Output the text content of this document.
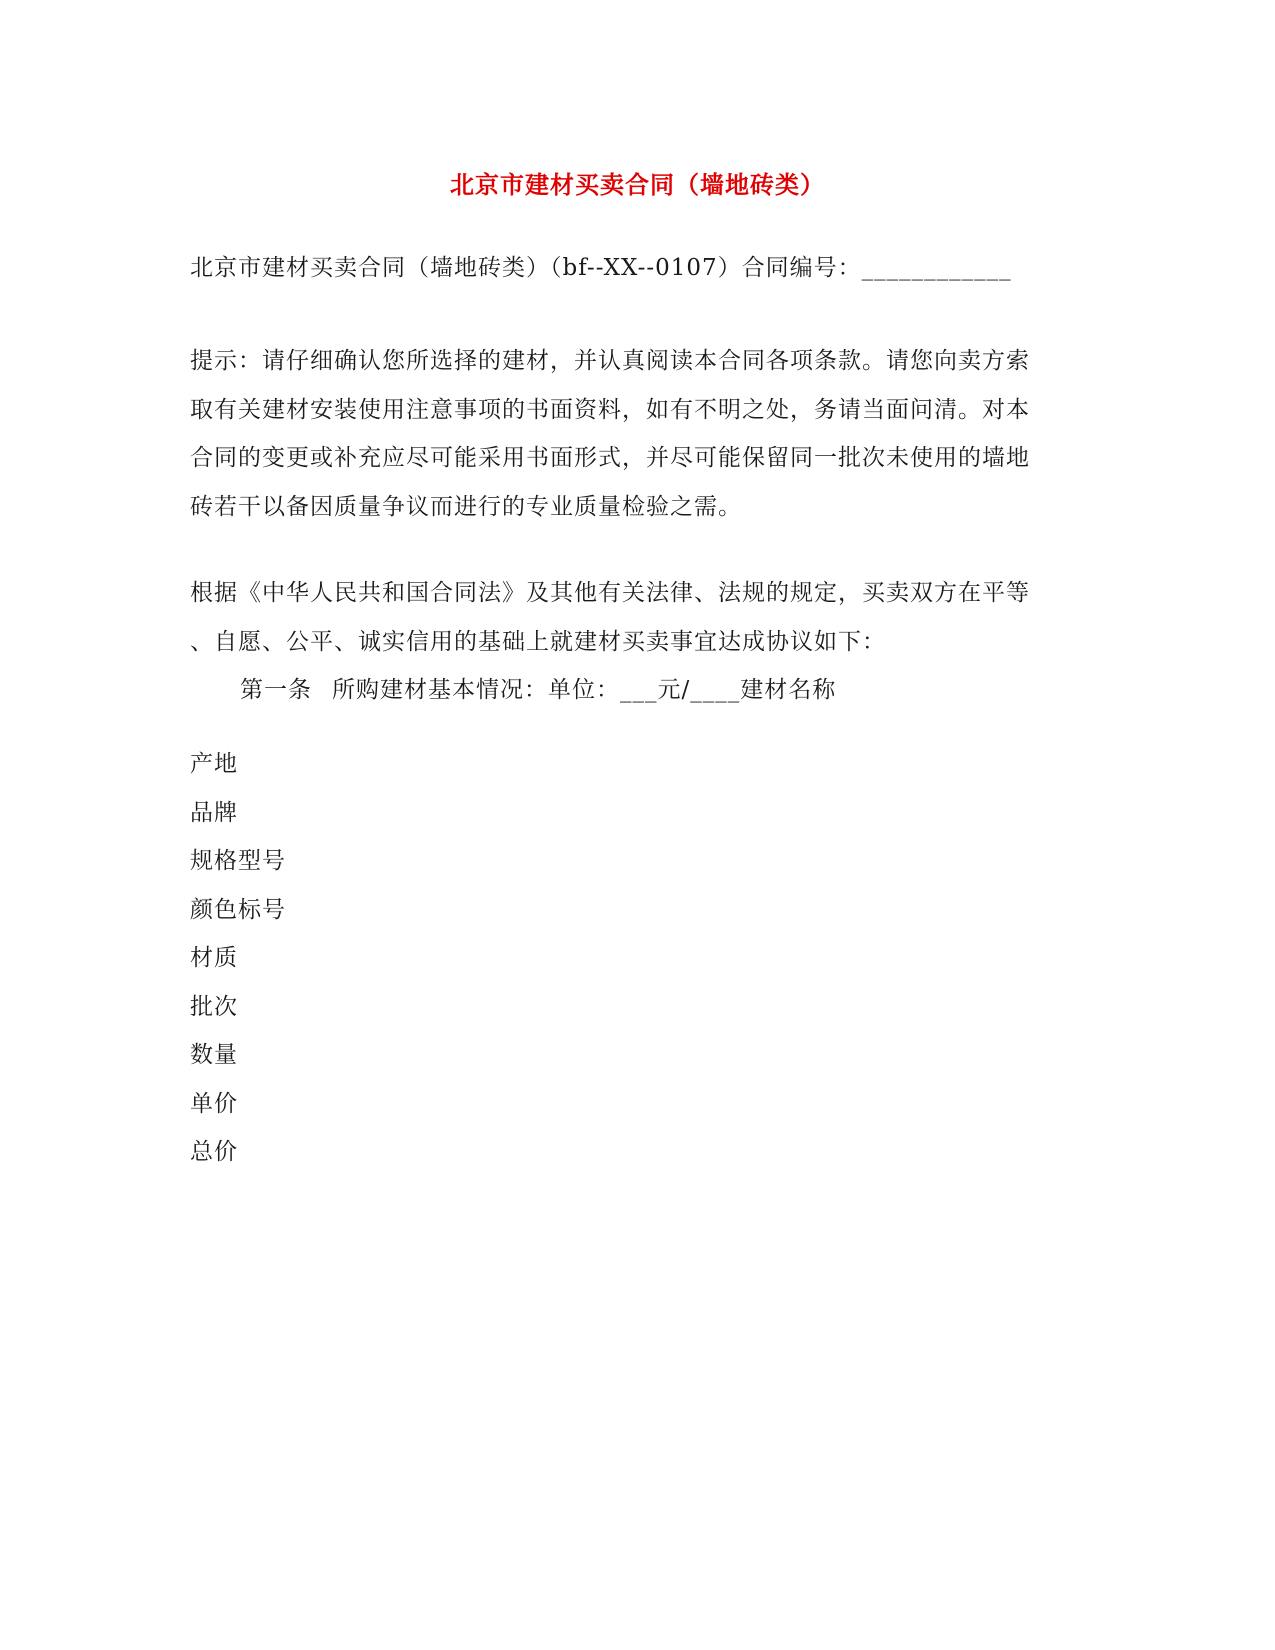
北京市建材买卖合同（墙地砖类）
北京市建材买卖合同（墙地砖类）（bf--XX--0107）合同编号：____________
提示：请仔细确认您所选择的建材，并认真阅读本合同各项条款。请您向卖方索
取有关建材安装使用注意事项的书面资料，如有不明之处，务请当面问清。对本
合同的变更或补充应尽可能采用书面形式，并尽可能保留同一批次未使用的墙地
砖若干以备因质量争议而进行的专业质量检验之需。
根据《中华人民共和国合同法》及其他有关法律、法规的规定，买卖双方在平等
、自愿、公平、诚实信用的基础上就建材买卖事宜达成协议如下：
第一条 所购建材基本情况：单位：___元/____建材名称
产地
品牌
规格型号
颜色标号
材质
批次
数量
单价
总价
